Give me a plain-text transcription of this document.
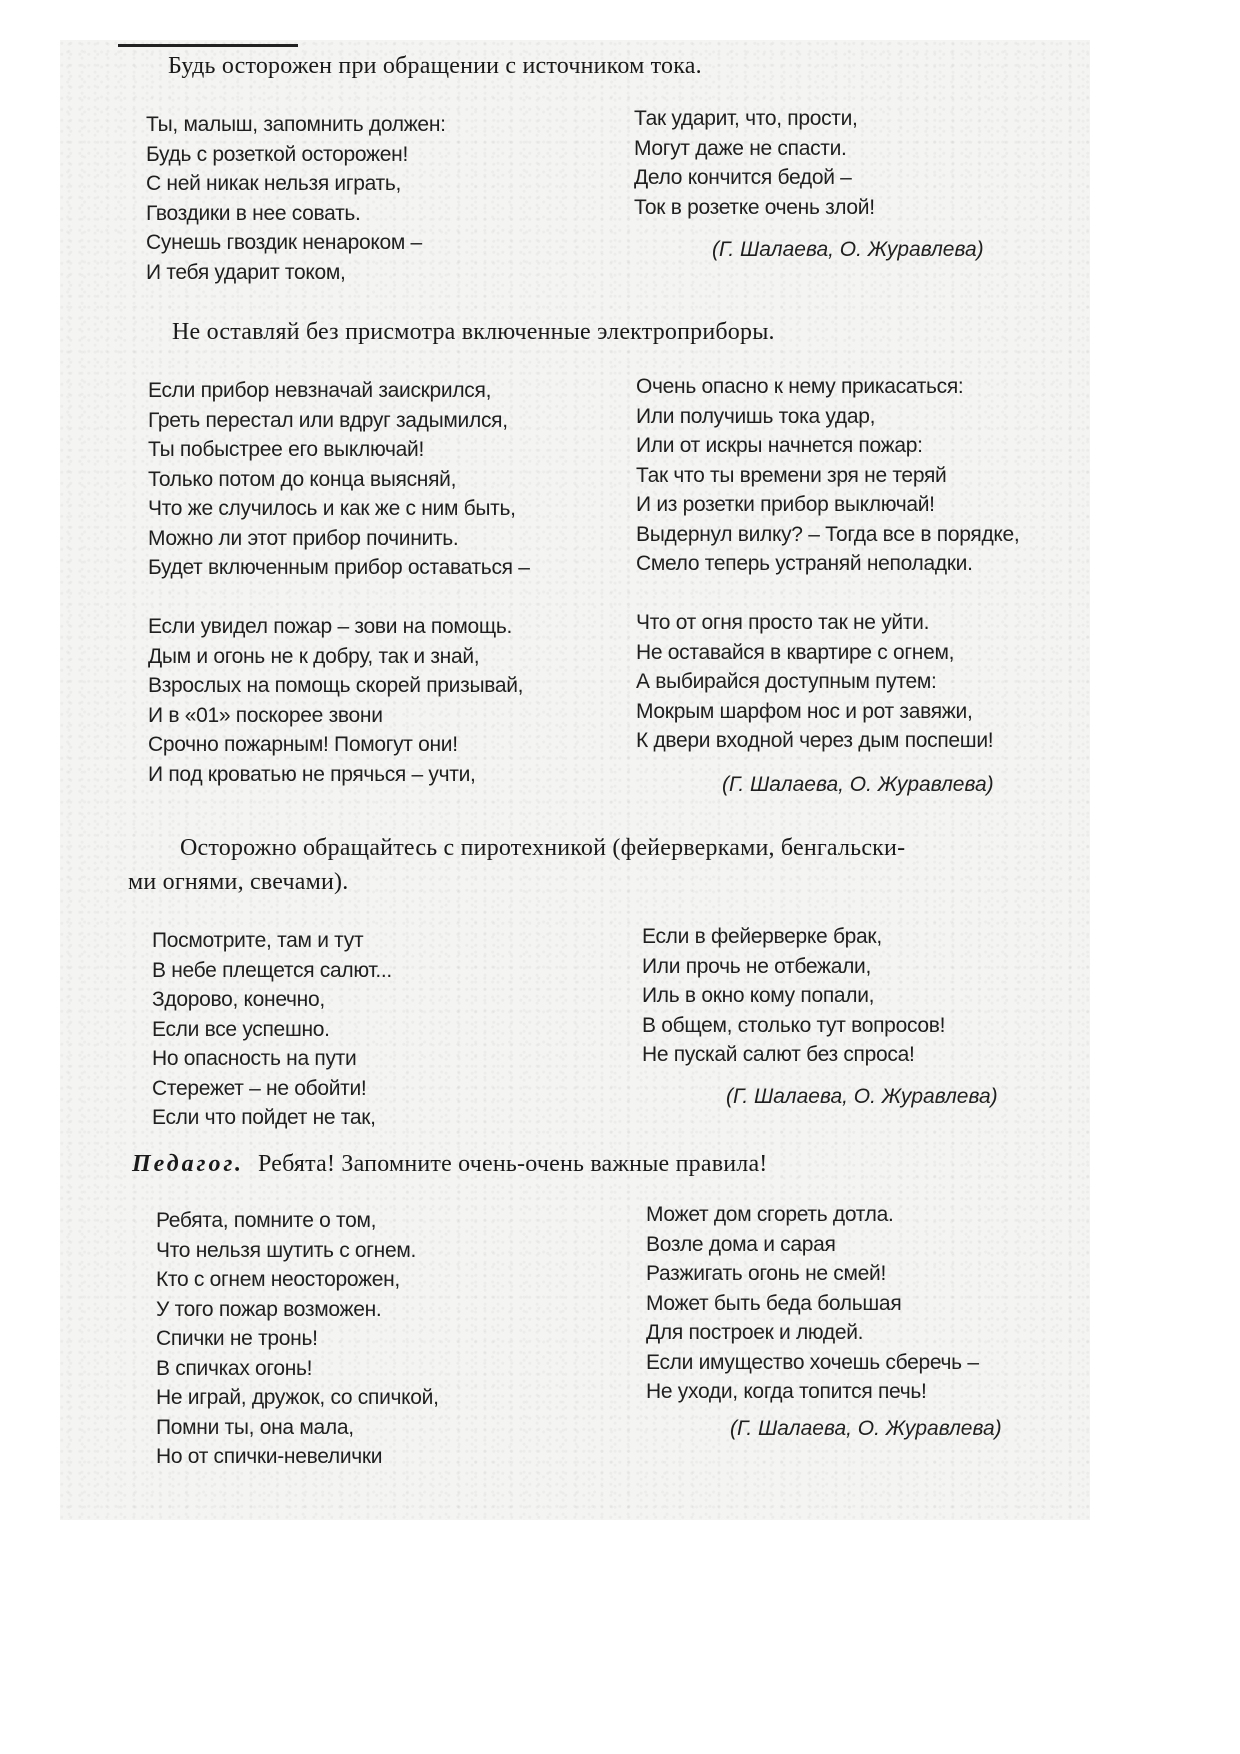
Будь осторожен при обращении с источником тока.
Ты, малыш, запомнить должен:
Будь с розеткой осторожен!
С ней никак нельзя играть,
Гвоздики в нее совать.
Сунешь гвоздик ненароком –
И тебя ударит током,
Так ударит, что, прости,
Могут даже не спасти.
Дело кончится бедой –
Ток в розетке очень злой!
(Г. Шалаева, О. Журавлева)
Не оставляй без присмотра включенные электроприборы.
Если прибор невзначай заискрился,
Греть перестал или вдруг задымился,
Ты побыстрее его выключай!
Только потом до конца выясняй,
Что же случилось и как же с ним быть,
Можно ли этот прибор починить.
Будет включенным прибор оставаться –
Если увидел пожар – зови на помощь.
Дым и огонь не к добру, так и знай,
Взрослых на помощь скорей призывай,
И в «01» поскорее звони
Срочно пожарным! Помогут они!
И под кроватью не прячься – учти,
Очень опасно к нему прикасаться:
Или получишь тока удар,
Или от искры начнется пожар:
Так что ты времени зря не теряй
И из розетки прибор выключай!
Выдернул вилку? – Тогда все в порядке,
Смело теперь устраняй неполадки.
Что от огня просто так не уйти.
Не оставайся в квартире с огнем,
А выбирайся доступным путем:
Мокрым шарфом нос и рот завяжи,
К двери входной через дым поспеши!
(Г. Шалаева, О. Журавлева)
Осторожно обращайтесь с пиротехникой (фейерверками, бенгальски-
ми огнями, свечами).
Посмотрите, там и тут
В небе плещется салют...
Здорово, конечно,
Если все успешно.
Но опасность на пути
Стережет – не обойти!
Если что пойдет не так,
Если в фейерверке брак,
Или прочь не отбежали,
Иль в окно кому попали,
В общем, столько тут вопросов!
Не пускай салют без спроса!
(Г. Шалаева, О. Журавлева)
Педагог. Ребята! Запомните очень-очень важные правила!
Ребята, помните о том,
Что нельзя шутить с огнем.
Кто с огнем неосторожен,
У того пожар возможен.
Спички не тронь!
В спичках огонь!
Не играй, дружок, со спичкой,
Помни ты, она мала,
Но от спички-невелички
Может дом сгореть дотла.
Возле дома и сарая
Разжигать огонь не смей!
Может быть беда большая
Для построек и людей.
Если имущество хочешь сберечь –
Не уходи, когда топится печь!
(Г. Шалаева, О. Журавлева)
